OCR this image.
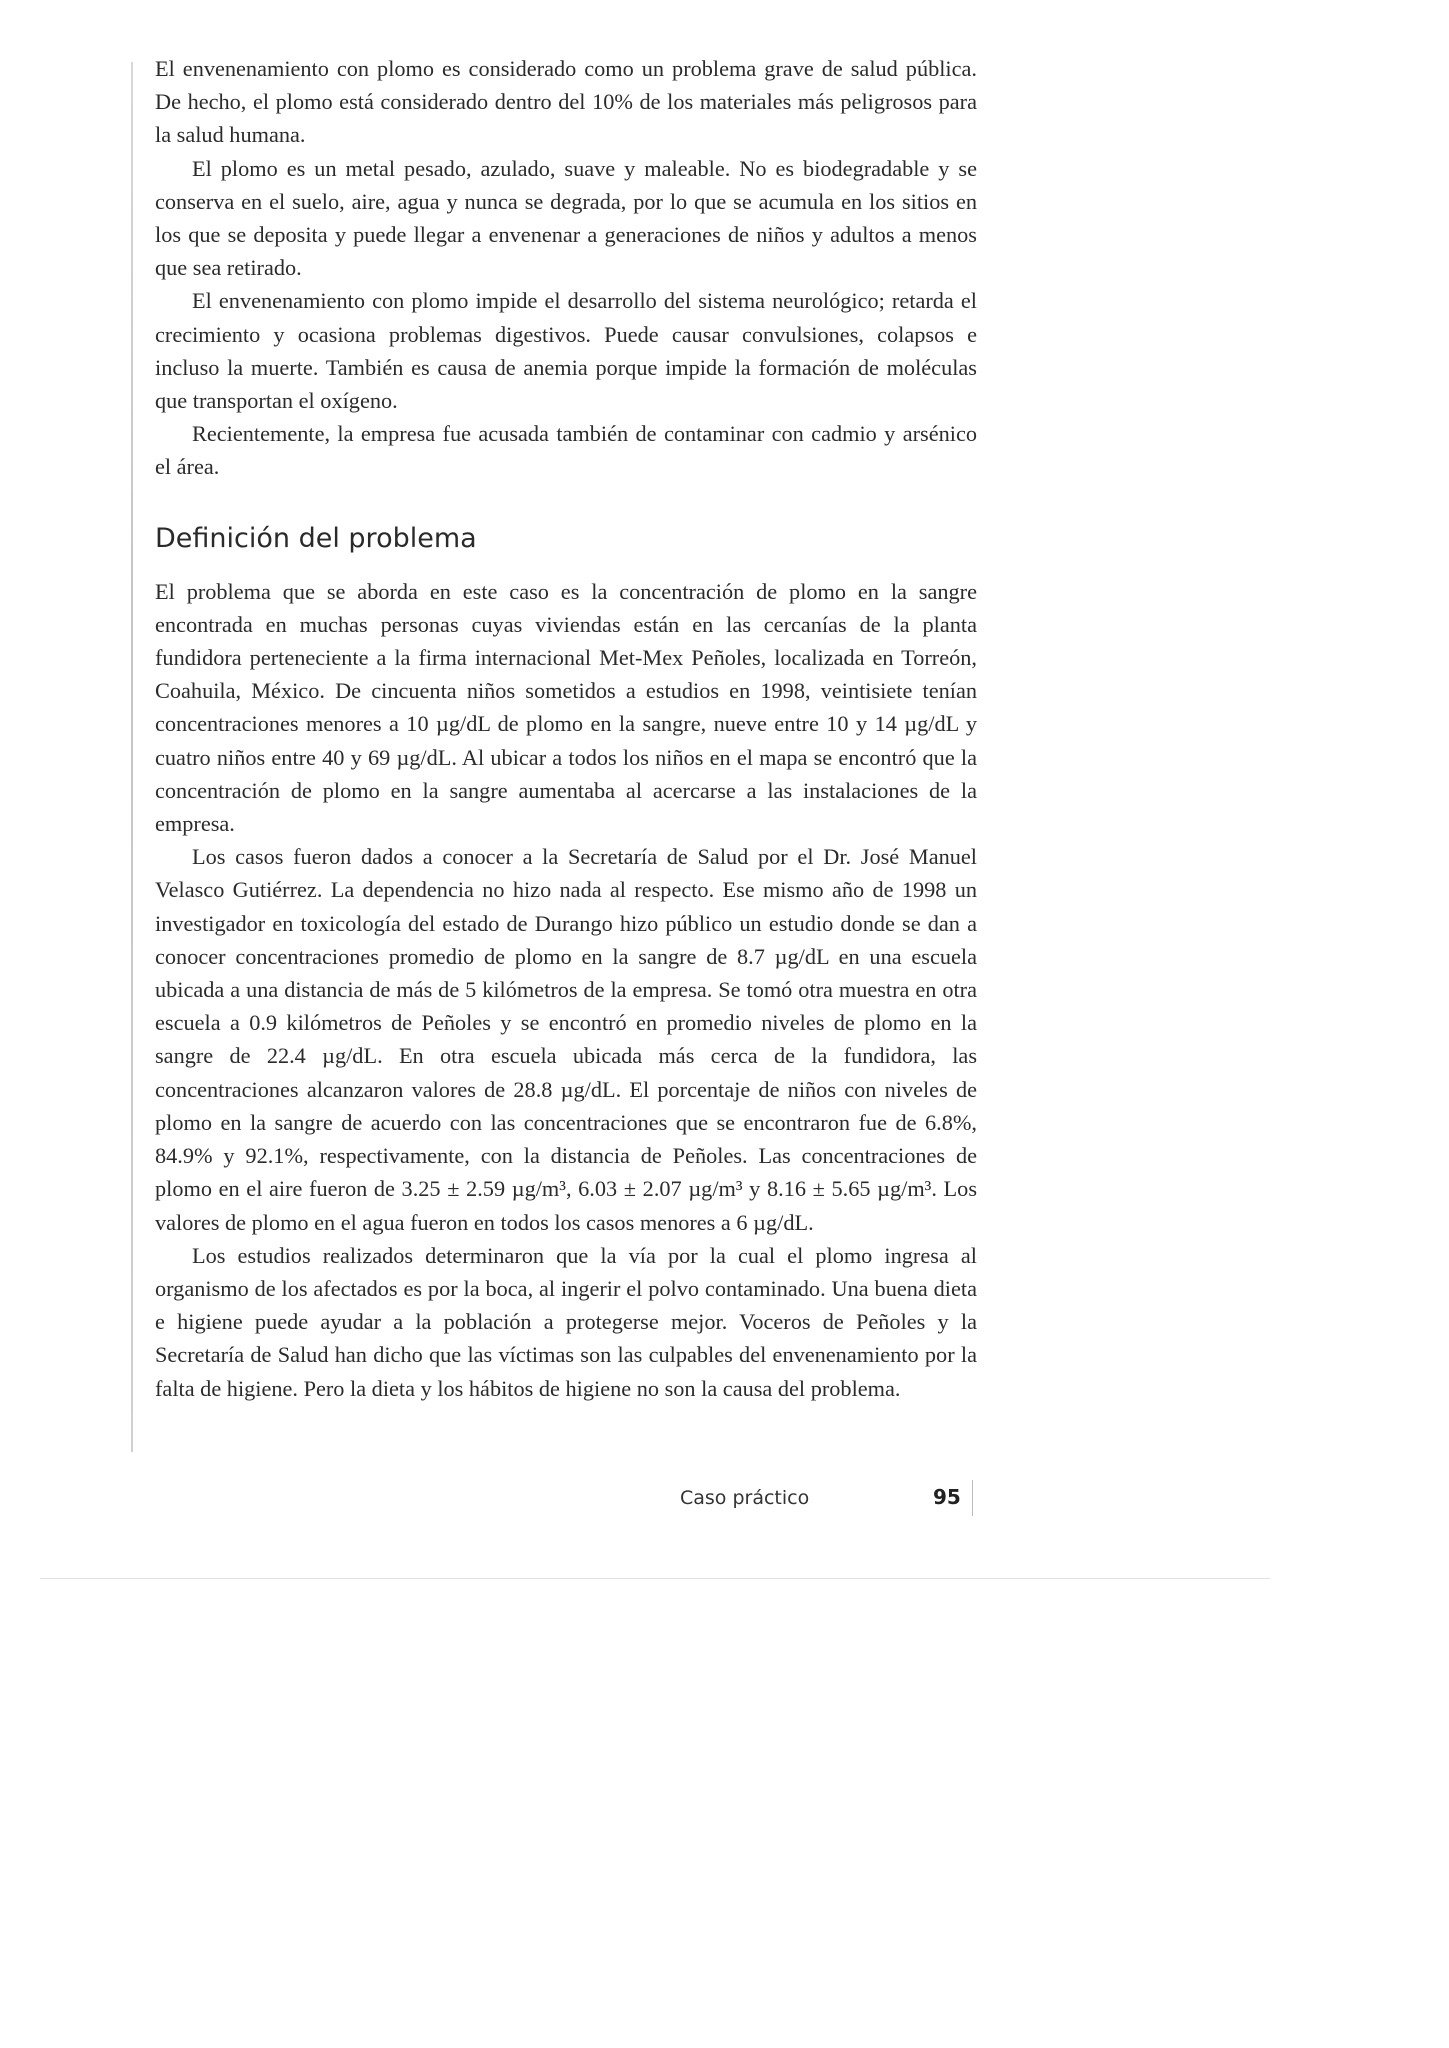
El envenenamiento con plomo es considerado como un problema grave de salud pública. De hecho, el plomo está considerado dentro del 10% de los materiales más peligrosos para la salud humana.

El plomo es un metal pesado, azulado, suave y maleable. No es biodegradable y se conserva en el suelo, aire, agua y nunca se degrada, por lo que se acumula en los sitios en los que se deposita y puede llegar a envenenar a generaciones de niños y adultos a menos que sea retirado.

El envenenamiento con plomo impide el desarrollo del sistema neurológico; retarda el crecimiento y ocasiona problemas digestivos. Puede causar convulsiones, colapsos e incluso la muerte. También es causa de anemia porque impide la formación de moléculas que transportan el oxígeno.

Recientemente, la empresa fue acusada también de contaminar con cadmio y arsénico el área.

Definición del problema

El problema que se aborda en este caso es la concentración de plomo en la sangre encontrada en muchas personas cuyas viviendas están en las cercanías de la planta fundidora perteneciente a la firma internacional Met-Mex Peñoles, localizada en Torreón, Coahuila, México. De cincuenta niños sometidos a estudios en 1998, veintisiete tenían concentraciones menores a 10 µg/dL de plomo en la sangre, nueve entre 10 y 14 µg/dL y cuatro niños entre 40 y 69 µg/dL. Al ubicar a todos los niños en el mapa se encontró que la concentración de plomo en la sangre aumentaba al acercarse a las instalaciones de la empresa.

Los casos fueron dados a conocer a la Secretaría de Salud por el Dr. José Manuel Velasco Gutiérrez. La dependencia no hizo nada al respecto. Ese mismo año de 1998 un investigador en toxicología del estado de Durango hizo público un estudio donde se dan a conocer concentraciones promedio de plomo en la sangre de 8.7 µg/dL en una escuela ubicada a una distancia de más de 5 kilómetros de la empresa. Se tomó otra muestra en otra escuela a 0.9 kilómetros de Peñoles y se encontró en promedio niveles de plomo en la sangre de 22.4 µg/dL. En otra escuela ubicada más cerca de la fundidora, las concentraciones alcanzaron valores de 28.8 µg/dL. El porcentaje de niños con niveles de plomo en la sangre de acuerdo con las concentraciones que se encontraron fue de 6.8%, 84.9% y 92.1%, respectivamente, con la distancia de Peñoles. Las concentraciones de plomo en el aire fueron de 3.25 ± 2.59 µg/m³, 6.03 ± 2.07 µg/m³ y 8.16 ± 5.65 µg/m³. Los valores de plomo en el agua fueron en todos los casos menores a 6 µg/dL.

Los estudios realizados determinaron que la vía por la cual el plomo ingresa al organismo de los afectados es por la boca, al ingerir el polvo contaminado. Una buena dieta e higiene puede ayudar a la población a protegerse mejor. Voceros de Peñoles y la Secretaría de Salud han dicho que las víctimas son las culpables del envenenamiento por la falta de higiene. Pero la dieta y los hábitos de higiene no son la causa del problema.

Caso práctico	95
